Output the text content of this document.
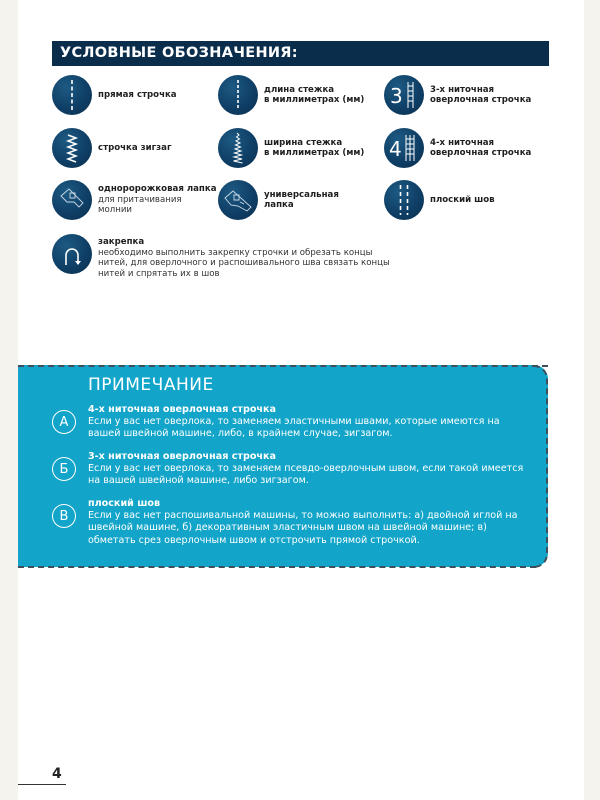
УСЛОВНЫЕ ОБОЗНАЧЕНИЯ:
прямая строчка
длина стежка
в миллиметрах (мм) 3	3-х ниточная
оверлочная строчка
строчка зигзаг
ширина стежка
в миллиметрах (мм) 4	4-х ниточная
оверлочная строчка
одноророжковая лапка
для притачивания молнии
универсальная
лапка
плоский шов
закрепка
необходимо выполнить закрепку строчки и обрезать концы нитей, для оверлочного и распошивального шва связать концы нитей и спрятать их в шов
ПРИМЕЧАНИЕ
А
4-х ниточная оверлочная строчка
Если у вас нет оверлока, то заменяем эластичными швами, которые имеются на вашей швейной машине, либо, в крайнем случае, зигзагом.
Б
3-х ниточная оверлочная строчка
Если у вас нет оверлока, то заменяем псевдо-оверлочным швом, если такой имеется на вашей швейной машине, либо зигзагом.
В
плоский шов
Если у вас нет распошивальной машины, то можно выполнить: а) двойной иглой на швейной машине, б) декоративным эластичным швом на швейной машине; в) обметать срез оверлочным швом и отстрочить прямой строчкой.
4
